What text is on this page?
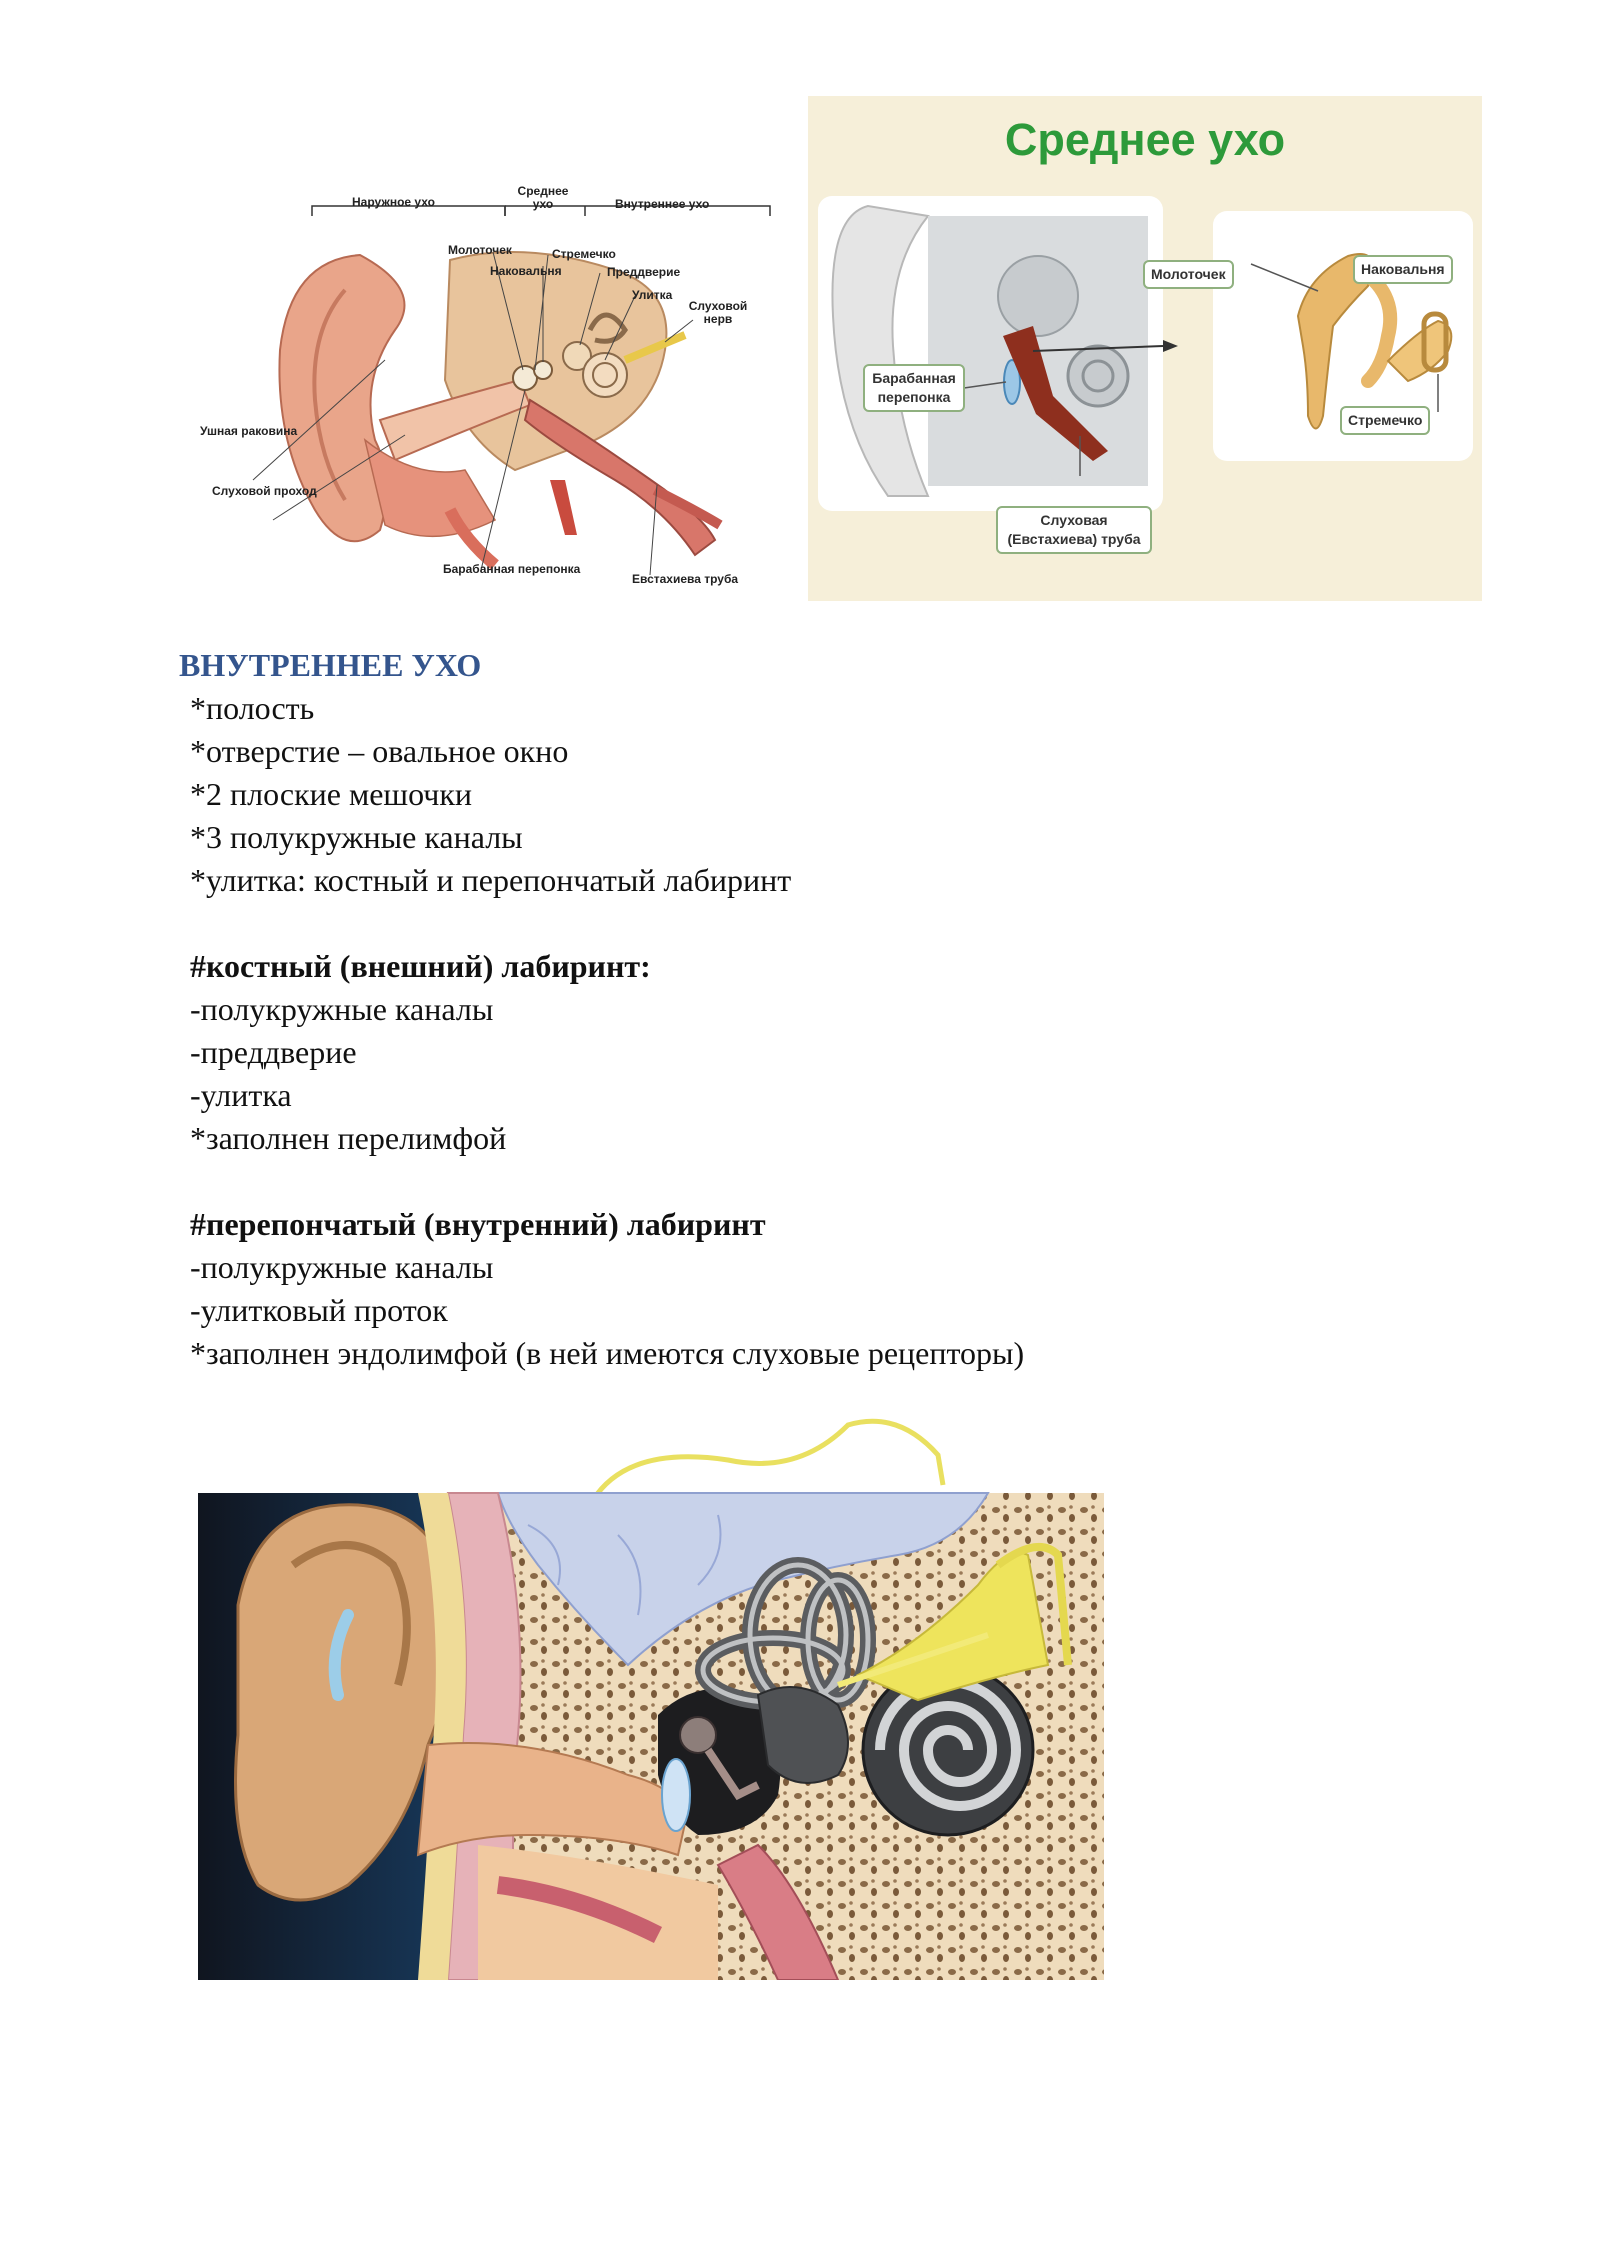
Наружное ухо
Среднее ухо	Внутреннее ухо
Молоточек	Стремечко
Наковальня	Преддверие
Улитка
Слуховой нерв
Ушная раковина
Слуховой проход
Барабанная перепонка
Евстахиева труба
Среднее ухо
Молоточек	Наковальня
Стремечко
Барабанная перепонка
Слуховая (Евстахиева) труба
ВНУТРЕННЕЕ УХО
*полость
*отверстие – овальное окно
*2 плоские мешочки
*3 полукружные каналы
*улитка: костный и перепончатый лабиринт
#костный (внешний) лабиринт:
-полукружные каналы
-преддверие
-улитка
*заполнен перелимфой
#перепончатый (внутренний) лабиринт
-полукружные каналы
-улитковый проток
*заполнен эндолимфой (в ней имеются слуховые рецепторы)
